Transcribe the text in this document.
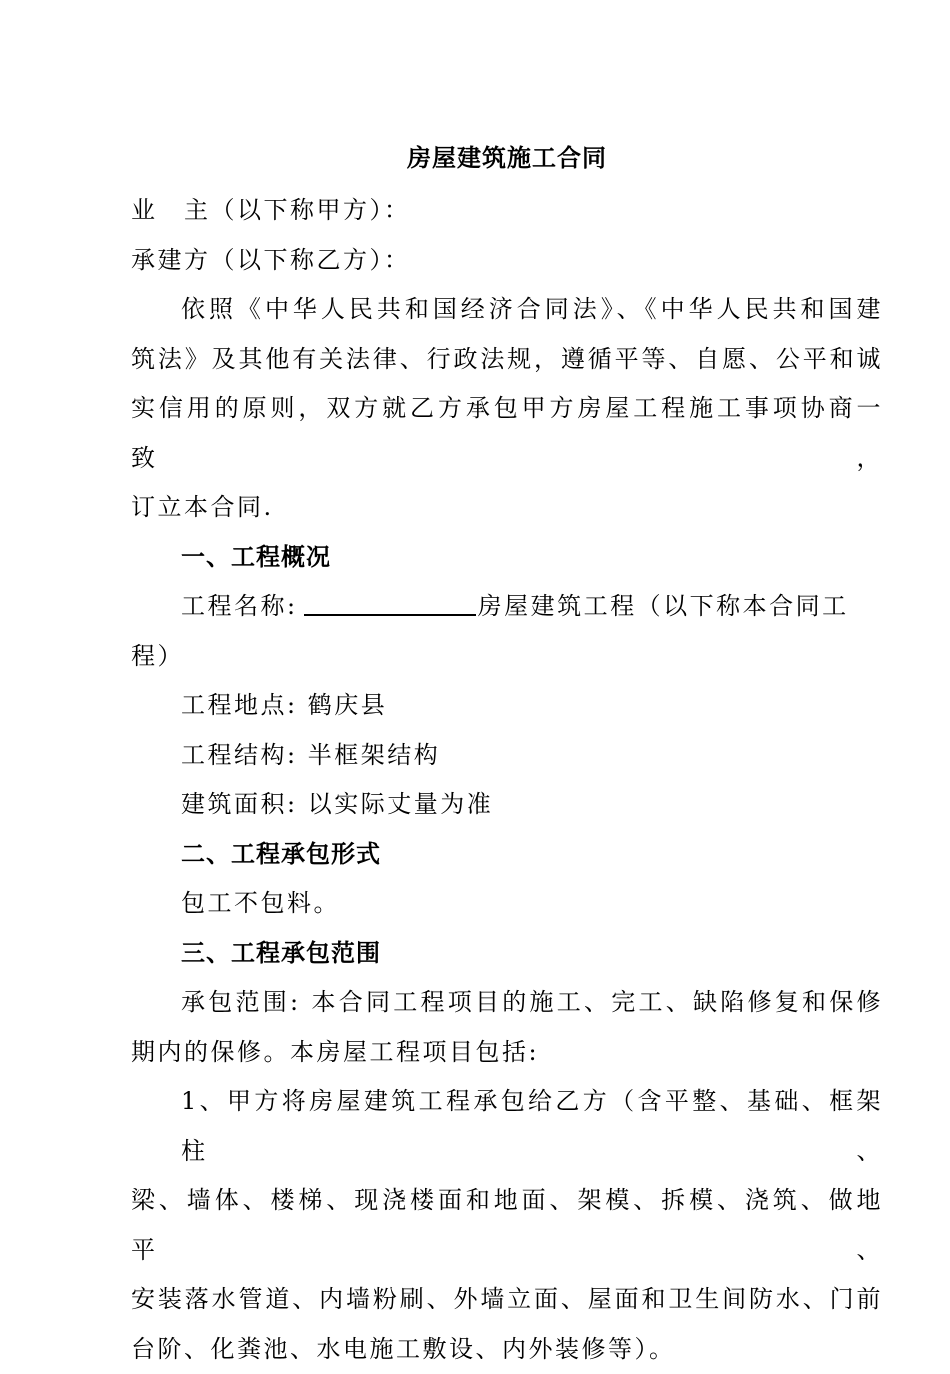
房屋建筑施工合同
业　主（以下称甲方）：
承建方（以下称乙方）：
依照《中华人民共和国经济合同法》、《中华人民共和国建
筑法》及其他有关法律、行政法规，遵循平等、自愿、公平和诚
实信用的原则，双方就乙方承包甲方房屋工程施工事项协商一致，
订立本合同.
一、工程概况
工程名称:	房屋建筑工程（以下称本合同工
程）
工程地点: 鹤庆县
工程结构: 半框架结构
建筑面积: 以实际丈量为准
二、工程承包形式
包工不包料。
三、工程承包范围
承包范围: 本合同工程项目的施工、完工、缺陷修复和保修
期内的保修。本房屋工程项目包括:
1、甲方将房屋建筑工程承包给乙方（含平整、基础、框架柱、
梁、墙体、楼梯、现浇楼面和地面、架模、拆模、浇筑、做地平、
安装落水管道、内墙粉刷、外墙立面、屋面和卫生间防水、门前
台阶、化粪池、水电施工敷设、内外装修等）。
